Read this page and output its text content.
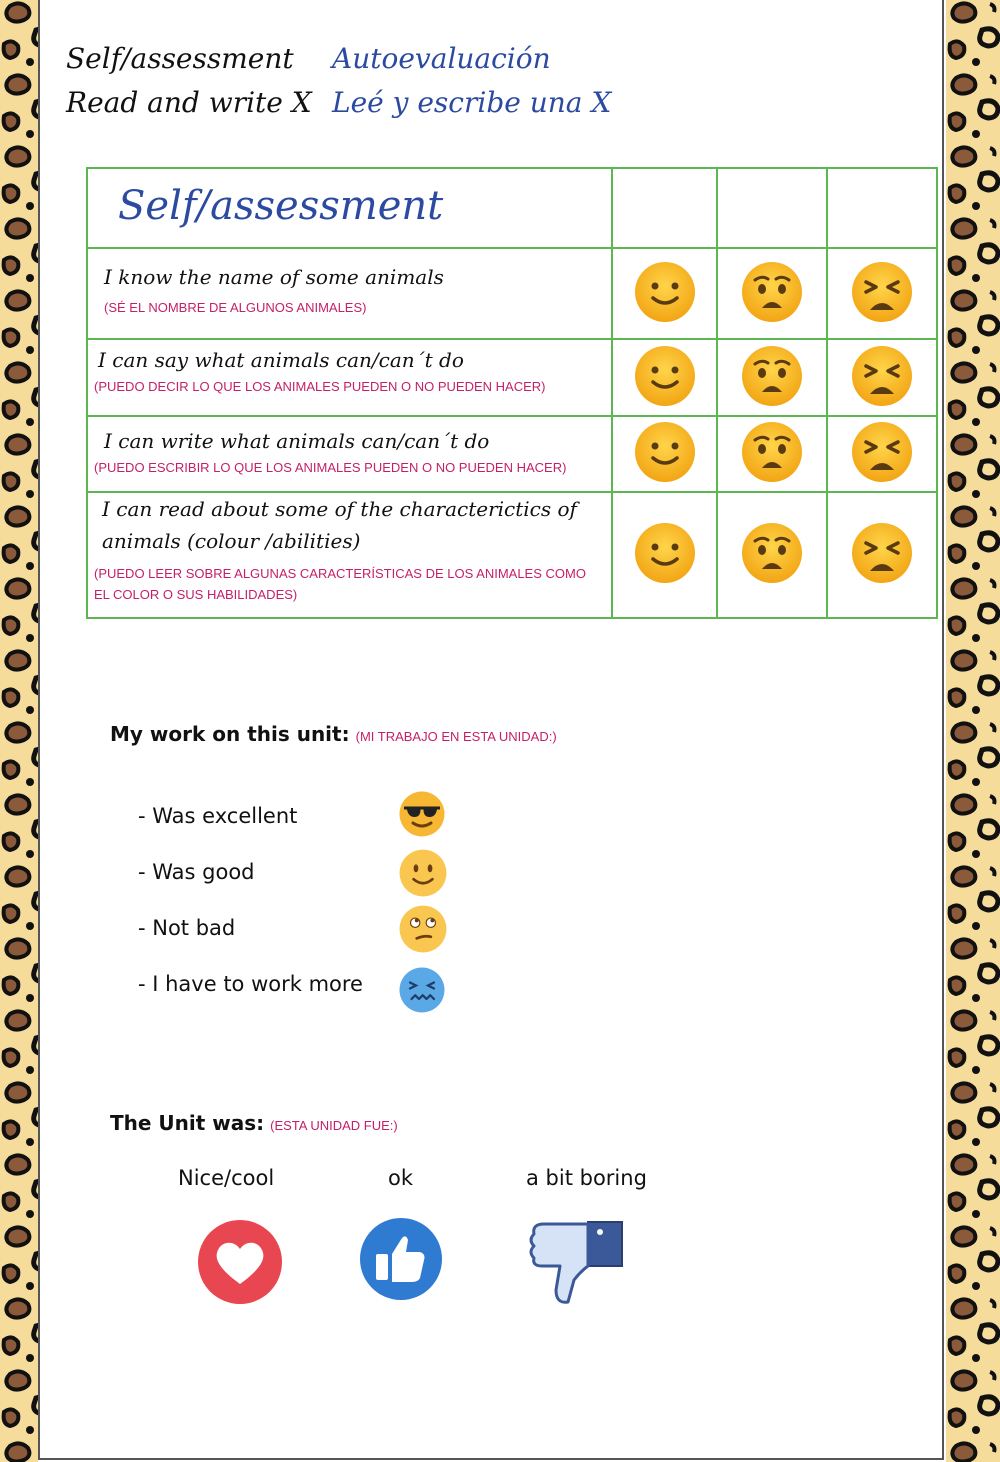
Self/assessment Autoevaluación
Read and write X Leé y escribe una X
Self/assessment			

I know the name of some animals
(SÉ EL NOMBRE DE ALGUNOS ANIMALES)

I can say what animals can/can´t do
(PUEDO DECIR LO QUE LOS ANIMALES PUEDEN O NO PUEDEN HACER)

I can write what animals can/can´t do
(PUEDO ESCRIBIR LO QUE LOS ANIMALES PUEDEN O NO PUEDEN HACER)

I can read about some of the characterictics of animals (colour /abilities)
(PUEDO LEER SOBRE ALGUNAS CARACTERÍSTICAS DE LOS ANIMALES COMO EL COLOR O SUS HABILIDADES)

My work on this unit: (MI TRABAJO EN ESTA UNIDAD:)
- Was excellent
- Was good
- Not bad
- I have to work more
The Unit was: (ESTA UNIDAD FUE:)
Nice/cool	ok	a bit boring
